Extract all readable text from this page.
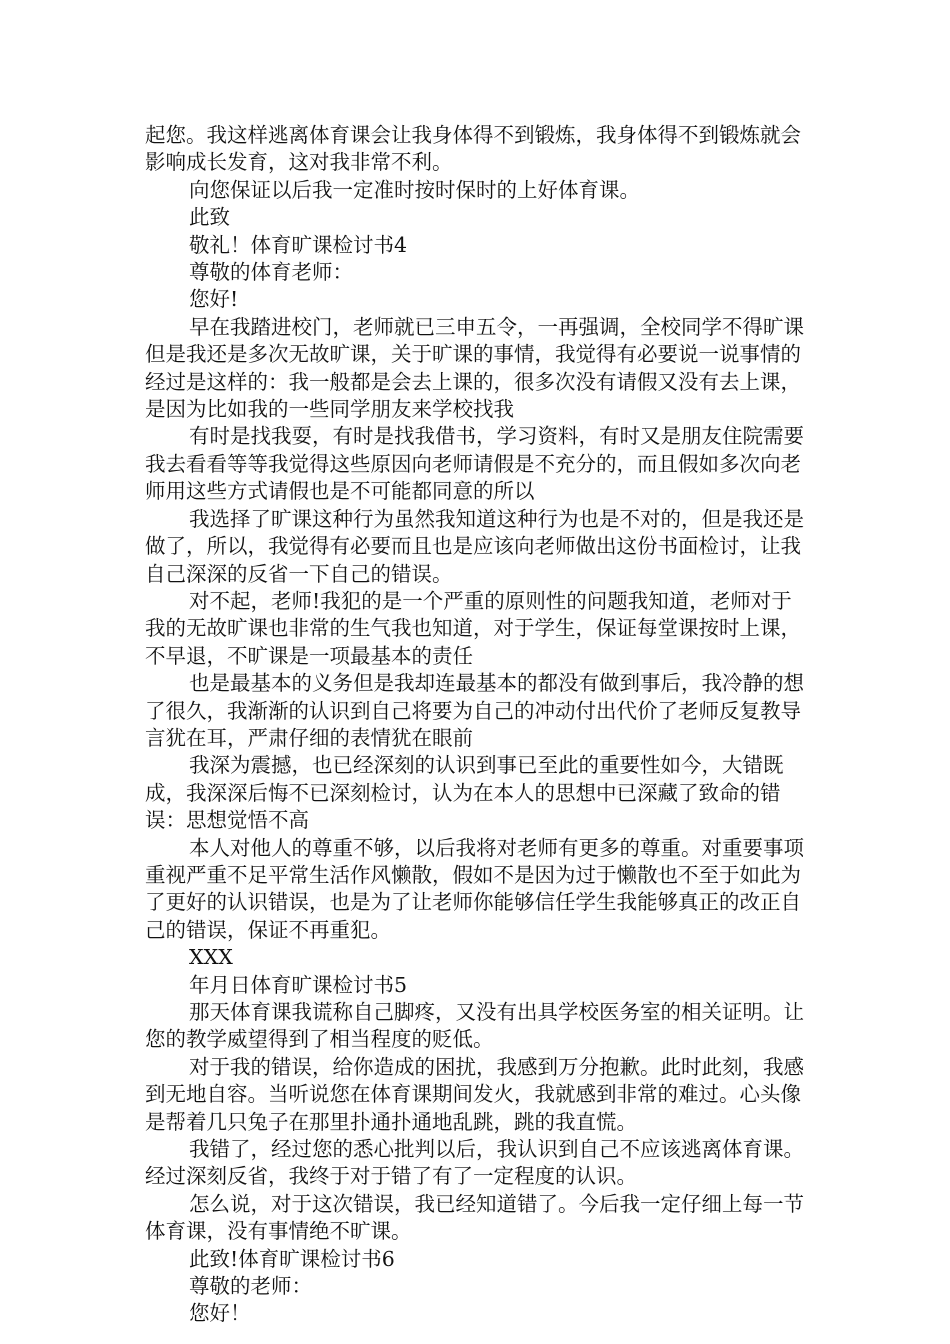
起您。我这样逃离体育课会让我身体得不到锻炼，我身体得不到锻炼就会影响成长发育，这对我非常不利。

向您保证以后我一定准时按时保时的上好体育课。

此致

敬礼！体育旷课检讨书4

尊敬的体育老师：

您好!

早在我踏进校门，老师就已三申五令，一再强调，全校同学不得旷课但是我还是多次无故旷课，关于旷课的事情，我觉得有必要说一说事情的经过是这样的：我一般都是会去上课的，很多次没有请假又没有去上课，是因为比如我的一些同学朋友来学校找我

有时是找我耍，有时是找我借书，学习资料，有时又是朋友住院需要我去看看等等我觉得这些原因向老师请假是不充分的，而且假如多次向老师用这些方式请假也是不可能都同意的所以

我选择了旷课这种行为虽然我知道这种行为也是不对的，但是我还是做了，所以，我觉得有必要而且也是应该向老师做出这份书面检讨，让我自己深深的反省一下自己的错误。

对不起，老师!我犯的是一个严重的原则性的问题我知道，老师对于我的无故旷课也非常的生气我也知道，对于学生，保证每堂课按时上课，不早退，不旷课是一项最基本的责任

也是最基本的义务但是我却连最基本的都没有做到事后，我冷静的想了很久，我渐渐的认识到自己将要为自己的冲动付出代价了老师反复教导言犹在耳，严肃仔细的表情犹在眼前

我深为震撼，也已经深刻的认识到事已至此的重要性如今，大错既成，我深深后悔不已深刻检讨，认为在本人的思想中已深藏了致命的错误：思想觉悟不高

本人对他人的尊重不够，以后我将对老师有更多的尊重。对重要事项重视严重不足平常生活作风懒散，假如不是因为过于懒散也不至于如此为了更好的认识错误，也是为了让老师你能够信任学生我能够真正的改正自己的错误，保证不再重犯。

XXX

年月日体育旷课检讨书5

那天体育课我谎称自己脚疼，又没有出具学校医务室的相关证明。让您的教学威望得到了相当程度的贬低。

对于我的错误，给你造成的困扰，我感到万分抱歉。此时此刻，我感到无地自容。当听说您在体育课期间发火，我就感到非常的难过。心头像是帮着几只兔子在那里扑通扑通地乱跳，跳的我直慌。

我错了，经过您的悉心批判以后，我认识到自己不应该逃离体育课。经过深刻反省，我终于对于错了有了一定程度的认识。

怎么说，对于这次错误，我已经知道错了。今后我一定仔细上每一节体育课，没有事情绝不旷课。

此致!体育旷课检讨书6

尊敬的老师：

您好！
